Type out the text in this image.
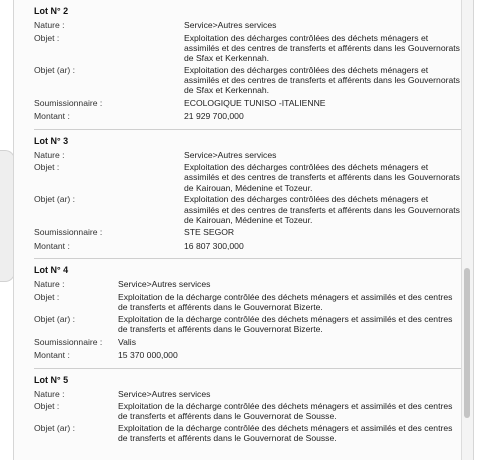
Lot N° 2
Nature :	Service>Autres services
Objet :	Exploitation des décharges contrôlées des déchets ménagers et assimilés et des centres de transferts et afférents dans les Gouvernorats de Sfax et Kerkennah.
Objet (ar) :	Exploitation des décharges contrôlées des déchets ménagers et assimilés et des centres de transferts et afférents dans les Gouvernorats de Sfax et Kerkennah.
Soumissionnaire :	ECOLOGIQUE TUNISO -ITALIENNE
Montant :	21 929 700,000
Lot N° 3
Nature :	Service>Autres services
Objet :	Exploitation des décharges contrôlées des déchets ménagers et assimilés et des centres de transferts et afférents dans les Gouvernorats de Kairouan, Médenine et Tozeur.
Objet (ar) :	Exploitation des décharges contrôlées des déchets ménagers et assimilés et des centres de transferts et afférents dans les Gouvernorats de Kairouan, Médenine et Tozeur.
Soumissionnaire :	STE SEGOR
Montant :	16 807 300,000
Lot N° 4
Nature :	Service>Autres services
Objet :	Exploitation de la décharge contrôlée des déchets ménagers et assimilés et des centres de transferts et afférents dans le Gouvernorat Bizerte.
Objet (ar) :	Exploitation de la décharge contrôlée des déchets ménagers et assimilés et des centres de transferts et afférents dans le Gouvernorat Bizerte.
Soumissionnaire :	Valis
Montant :	15 370 000,000
Lot N° 5
Nature :	Service>Autres services
Objet :	Exploitation de la décharge contrôlée des déchets ménagers et assimilés et des centres de transferts et afférents dans le Gouvernorat de Sousse.
Objet (ar) :	Exploitation de la décharge contrôlée des déchets ménagers et assimilés et des centres de transferts et afférents dans le Gouvernorat de Sousse.
